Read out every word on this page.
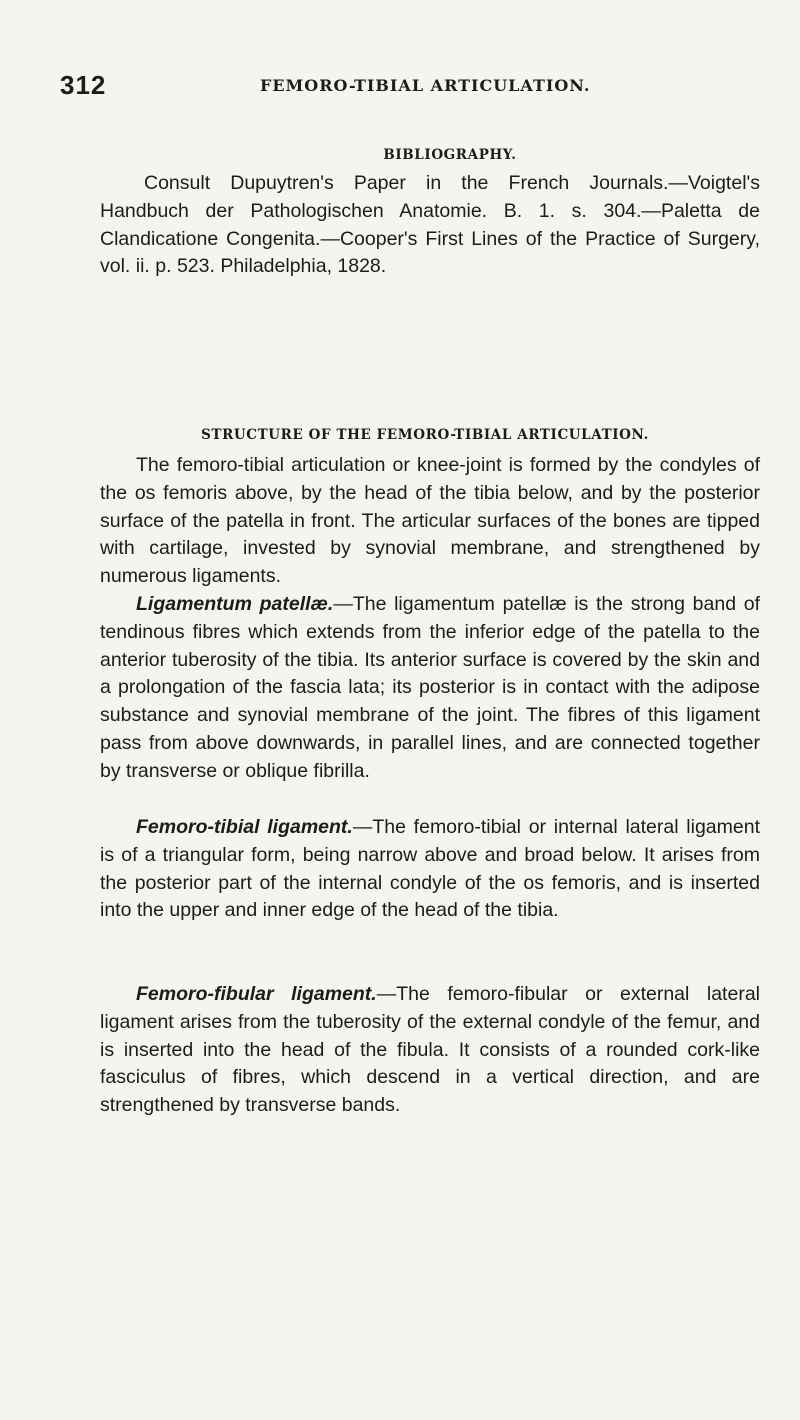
312	FEMORO-TIBIAL ARTICULATION.
BIBLIOGRAPHY.

Consult Dupuytren's Paper in the French Journals.—Voigtel's Handbuch der Pathologischen Anatomie. B. 1. s. 304.—Paletta de Clandicatione Congenita.—Cooper's First Lines of the Practice of Surgery, vol. ii. p. 523. Philadelphia, 1828.

STRUCTURE OF THE FEMORO-TIBIAL ARTICULATION.

The femoro-tibial articulation or knee-joint is formed by the condyles of the os femoris above, by the head of the tibia below, and by the posterior surface of the patella in front. The articular surfaces of the bones are tipped with cartilage, invested by synovial membrane, and strengthened by numerous ligaments.

Ligamentum patellæ.—The ligamentum patellæ is the strong band of tendinous fibres which extends from the inferior edge of the patella to the anterior tuberosity of the tibia. Its anterior surface is covered by the skin and a prolongation of the fascia lata; its posterior is in contact with the adipose substance and synovial membrane of the joint. The fibres of this ligament pass from above downwards, in parallel lines, and are connected together by transverse or oblique fibrilla.

Femoro-tibial ligament.—The femoro-tibial or internal lateral ligament is of a triangular form, being narrow above and broad below. It arises from the posterior part of the internal condyle of the os femoris, and is inserted into the upper and inner edge of the head of the tibia.

Femoro-fibular ligament.—The femoro-fibular or external lateral ligament arises from the tuberosity of the external condyle of the femur, and is inserted into the head of the fibula. It consists of a rounded cork-like fasciculus of fibres, which descend in a vertical direction, and are strengthened by transverse bands.
